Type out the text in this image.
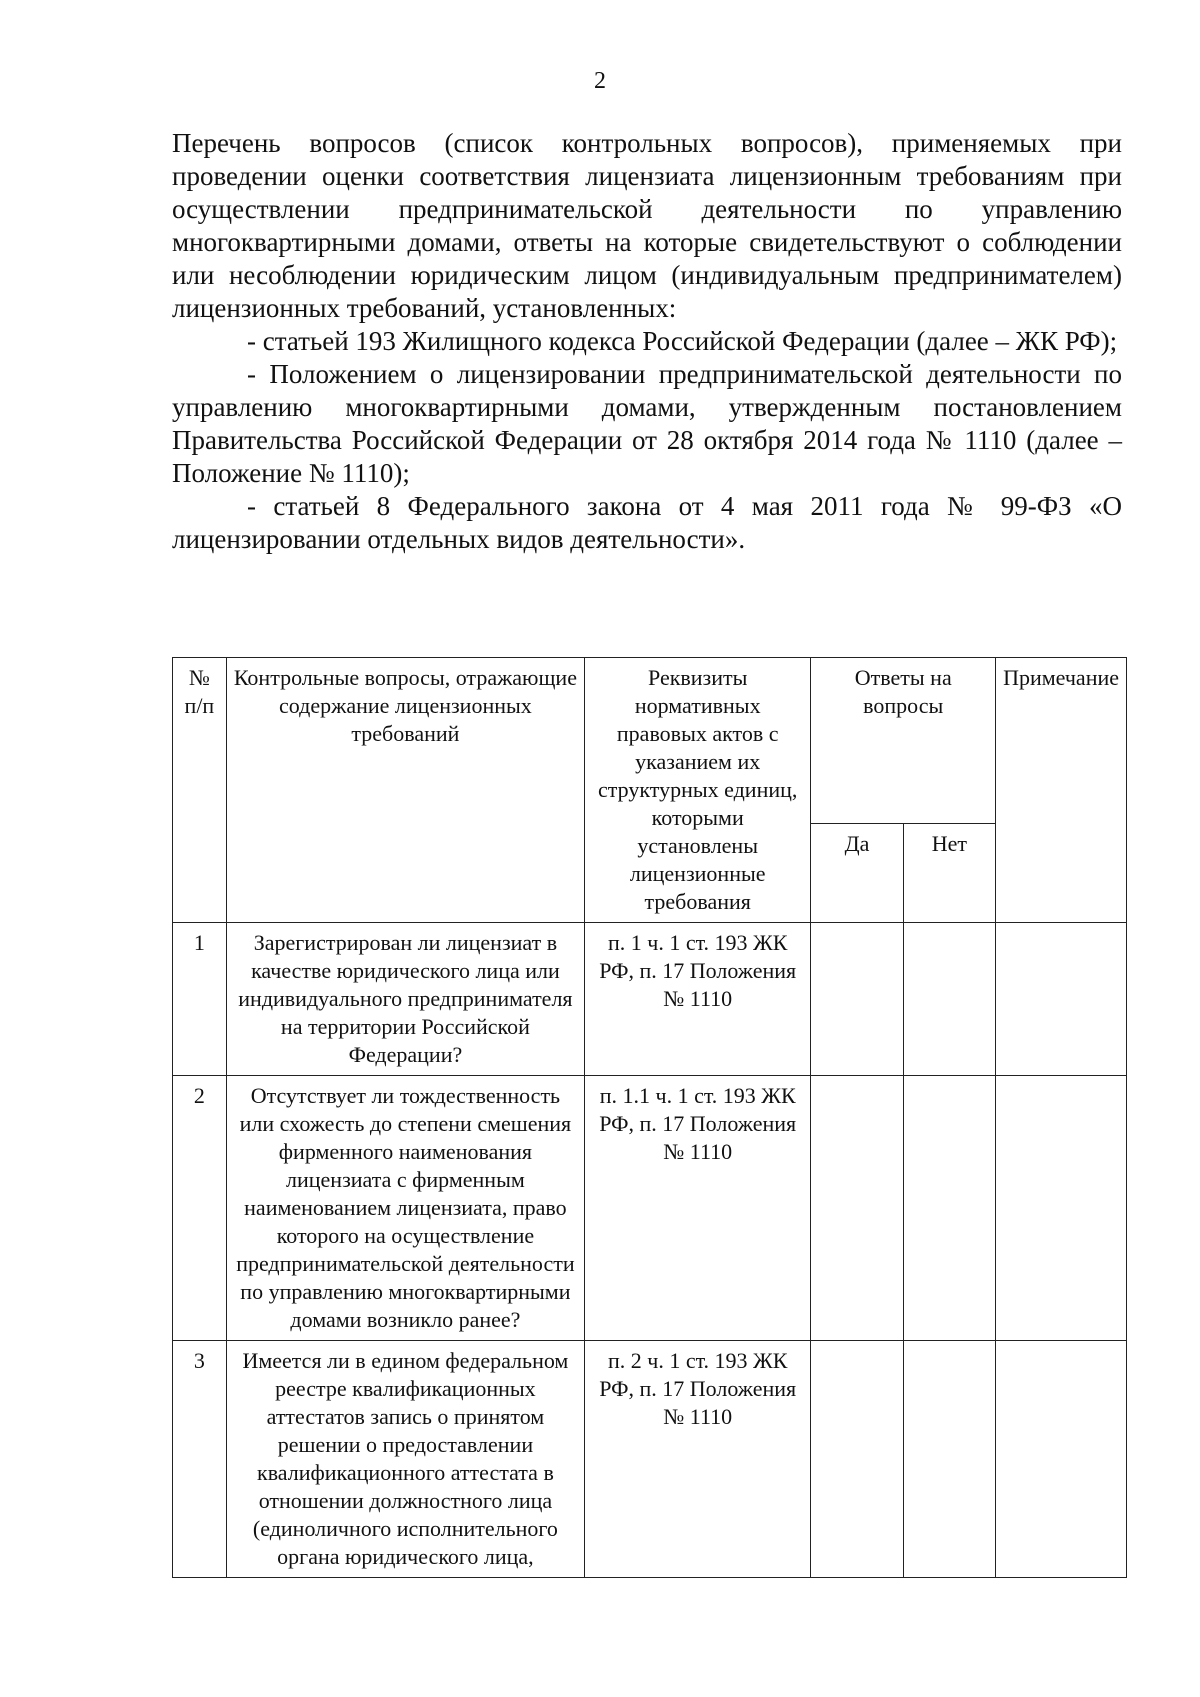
2

Перечень вопросов (список контрольных вопросов), применяемых при проведении оценки соответствия лицензиата лицензионным требованиям при осуществлении предпринимательской деятельности по управлению многоквартирными домами, ответы на которые свидетельствуют о соблюдении или несоблюдении юридическим лицом (индивидуальным предпринимателем) лицензионных требований, установленных:

- статьей 193 Жилищного кодекса Российской Федерации (далее – ЖК РФ);

- Положением о лицензировании предпринимательской деятельности по управлению многоквартирными домами, утвержденным постановлением Правительства Российской Федерации от 28 октября 2014 года № 1110 (далее – Положение № 1110);

- статьей 8 Федерального закона от 4 мая 2011 года № 99-ФЗ «О лицензировании отдельных видов деятельности».

№ п/п	Контрольные вопросы, отражающие содержание лицензионных требований	Реквизиты нормативных правовых актов с указанием их структурных единиц, которыми установлены лицензионные требования	Ответы на вопросы		Примечание
			Да	Нет	
1	Зарегистрирован ли лицензиат в качестве юридического лица или индивидуального предпринимателя на территории Российской Федерации?	п. 1 ч. 1 ст. 193 ЖК РФ, п. 17 Положения № 1110			
2	Отсутствует ли тождественность или схожесть до степени смешения фирменного наименования лицензиата с фирменным наименованием лицензиата, право которого на осуществление предпринимательской деятельности по управлению многоквартирными домами возникло ранее?	п. 1.1 ч. 1 ст. 193 ЖК РФ, п. 17 Положения № 1110			
3	Имеется ли в едином федеральном реестре квалификационных аттестатов запись о принятом решении о предоставлении квалификационного аттестата в отношении должностного лица (единоличного исполнительного органа юридического лица,	п. 2 ч. 1 ст. 193 ЖК РФ, п. 17 Положения № 1110			
